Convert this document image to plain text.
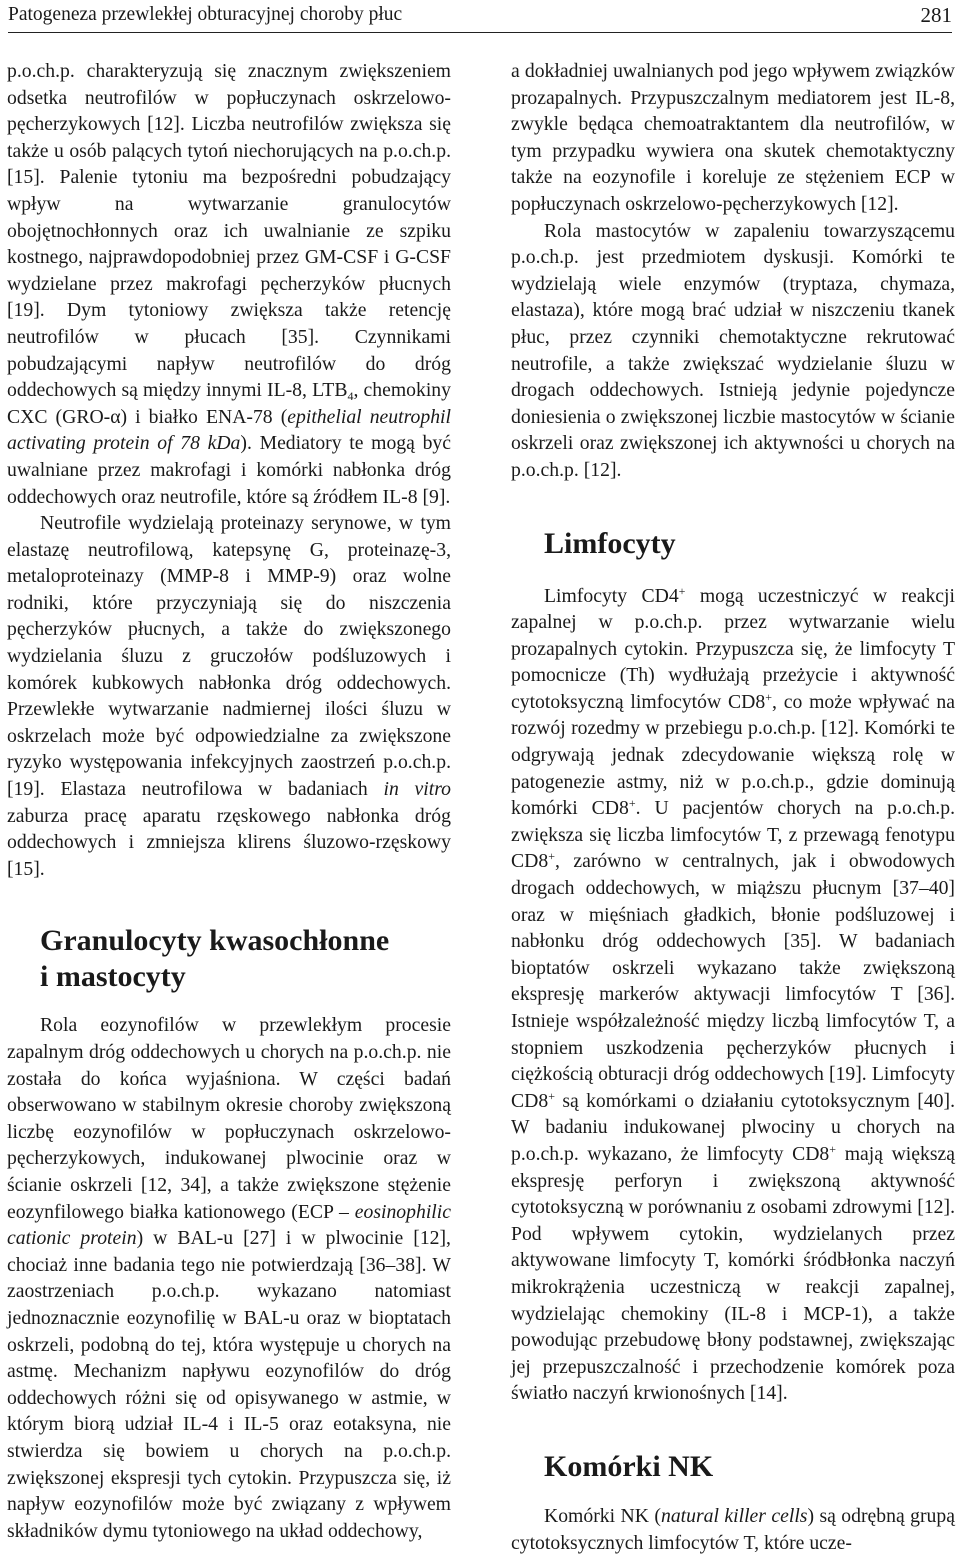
Patogeneza przewlekłej obturacyjnej choroby płuc	281

p.o.ch.p. charakteryzują się znacznym zwiększeniem odsetka neutrofilów w popłuczynach oskrzelowo-pęcherzykowych [12]. Liczba neutrofilów zwiększa się także u osób palących tytoń niechorujących na p.o.ch.p. [15]. Palenie tytoniu ma bezpośredni pobudzający wpływ na wytwarzanie granulocytów obojętnochłonnych oraz ich uwalnianie ze szpiku kostnego, najprawdopodobniej przez GM-CSF i G-CSF wydzielane przez makrofagi pęcherzyków płucnych [19]. Dym tytoniowy zwiększa także retencję neutrofilów w płucach [35]. Czynnikami pobudzającymi napływ neutrofilów do dróg oddechowych są między innymi IL-8, $LTB_4$, chemokiny CXC (GRO-α) i białko ENA-78 (epithelial neutrophil activating protein of 78 kDa). Mediatory te mogą być uwalniane przez makrofagi i komórki nabłonka dróg oddechowych oraz neutrofile, które są źródłem IL-8 [9].

Neutrofile wydzielają proteinazy serynowe, w tym elastazę neutrofilową, katepsynę G, proteinazę-3, metaloproteinazy (MMP-8 i MMP-9) oraz wolne rodniki, które przyczyniają się do niszczenia pęcherzyków płucnych, a także do zwiększonego wydzielania śluzu z gruczołów podśluzowych i komórek kubkowych nabłonka dróg oddechowych. Przewlekłe wytwarzanie nadmiernej ilości śluzu w oskrzelach może być odpowiedzialne za zwiększone ryzyko występowania infekcyjnych zaostrzeń p.o.ch.p. [19]. Elastaza neutrofilowa w badaniach in vitro zaburza pracę aparatu rzęskowego nabłonka dróg oddechowych i zmniejsza klirens śluzowo-rzęskowy [15].

Granulocyty kwasochłonne
i mastocyty

Rola eozynofilów w przewlekłym procesie zapalnym dróg oddechowych u chorych na p.o.ch.p. nie została do końca wyjaśniona. W części badań obserwowano w stabilnym okresie choroby zwiększoną liczbę eozynofilów w popłuczynach oskrzelowo-pęcherzykowych, indukowanej plwocinie oraz w ścianie oskrzeli [12, 34], a także zwiększone stężenie eozynfilowego białka kationowego (ECP – eosinophilic cationic protein) w BAL-u [27] i w plwocinie [12], chociaż inne badania tego nie potwierdzają [36–38]. W zaostrzeniach p.o.ch.p. wykazano natomiast jednoznacznie eozynofilię w BAL-u oraz w bioptatach oskrzeli, podobną do tej, która występuje u chorych na astmę. Mechanizm napływu eozynofilów do dróg oddechowych różni się od opisywanego w astmie, w którym biorą udział IL-4 i IL-5 oraz eotaksyna, nie stwierdza się bowiem u chorych na p.o.ch.p. zwiększonej ekspresji tych cytokin. Przypuszcza się, iż napływ eozynofilów może być związany z wpływem składników dymu tytoniowego na układ oddechowy,

a dokładniej uwalnianych pod jego wpływem związków prozapalnych. Przypuszczalnym mediatorem jest IL-8, zwykle będąca chemoatraktantem dla neutrofilów, w tym przypadku wywiera ona skutek chemotaktyczny także na eozynofile i koreluje ze stężeniem ECP w popłuczynach oskrzelowo-pęcherzykowych [12].

Rola mastocytów w zapaleniu towarzyszącemu p.o.ch.p. jest przedmiotem dyskusji. Komórki te wydzielają wiele enzymów (tryptaza, chymaza, elastaza), które mogą brać udział w niszczeniu tkanek płuc, przez czynniki chemotaktyczne rekrutować neutrofile, a także zwiększać wydzielanie śluzu w drogach oddechowych. Istnieją jedynie pojedyncze doniesienia o zwiększonej liczbie mastocytów w ścianie oskrzeli oraz zwiększonej ich aktywności u chorych na p.o.ch.p. [12].

Limfocyty

Limfocyty CD4+ mogą uczestniczyć w reakcji zapalnej w p.o.ch.p. przez wytwarzanie wielu prozapalnych cytokin. Przypuszcza się, że limfocyty T pomocnicze (Th) wydłużają przeżycie i aktywność cytotoksyczną limfocytów CD8+, co może wpływać na rozwój rozedmy w przebiegu p.o.ch.p. [12]. Komórki te odgrywają jednak zdecydowanie większą rolę w patogenezie astmy, niż w p.o.ch.p., gdzie dominują komórki CD8+. U pacjentów chorych na p.o.ch.p. zwiększa się liczba limfocytów T, z przewagą fenotypu CD8+, zarówno w centralnych, jak i obwodowych drogach oddechowych, w miąższu płucnym [37–40] oraz w mięśniach gładkich, błonie podśluzowej i nabłonku dróg oddechowych [35]. W badaniach bioptatów oskrzeli wykazano także zwiększoną ekspresję markerów aktywacji limfocytów T [36]. Istnieje współzależność między liczbą limfocytów T, a stopniem uszkodzenia pęcherzyków płucnych i ciężkością obturacji dróg oddechowych [19]. Limfocyty CD8+ są komórkami o działaniu cytotoksycznym [40]. W badaniu indukowanej plwociny u chorych na p.o.ch.p. wykazano, że limfocyty CD8+ mają większą ekspresję perforyn i zwiększoną aktywność cytotoksyczną w porównaniu z osobami zdrowymi [12]. Pod wpływem cytokin, wydzielanych przez aktywowane limfocyty T, komórki śródbłonka naczyń mikrokrążenia uczestniczą w reakcji zapalnej, wydzielając chemokiny (IL-8 i MCP-1), a także powodując przebudowę błony podstawnej, zwiększając jej przepuszczalność i przechodzenie komórek poza światło naczyń krwionośnych [14].

Komórki NK

Komórki NK (natural killer cells) są odrębną grupą cytotoksycznych limfocytów T, które ucze-
